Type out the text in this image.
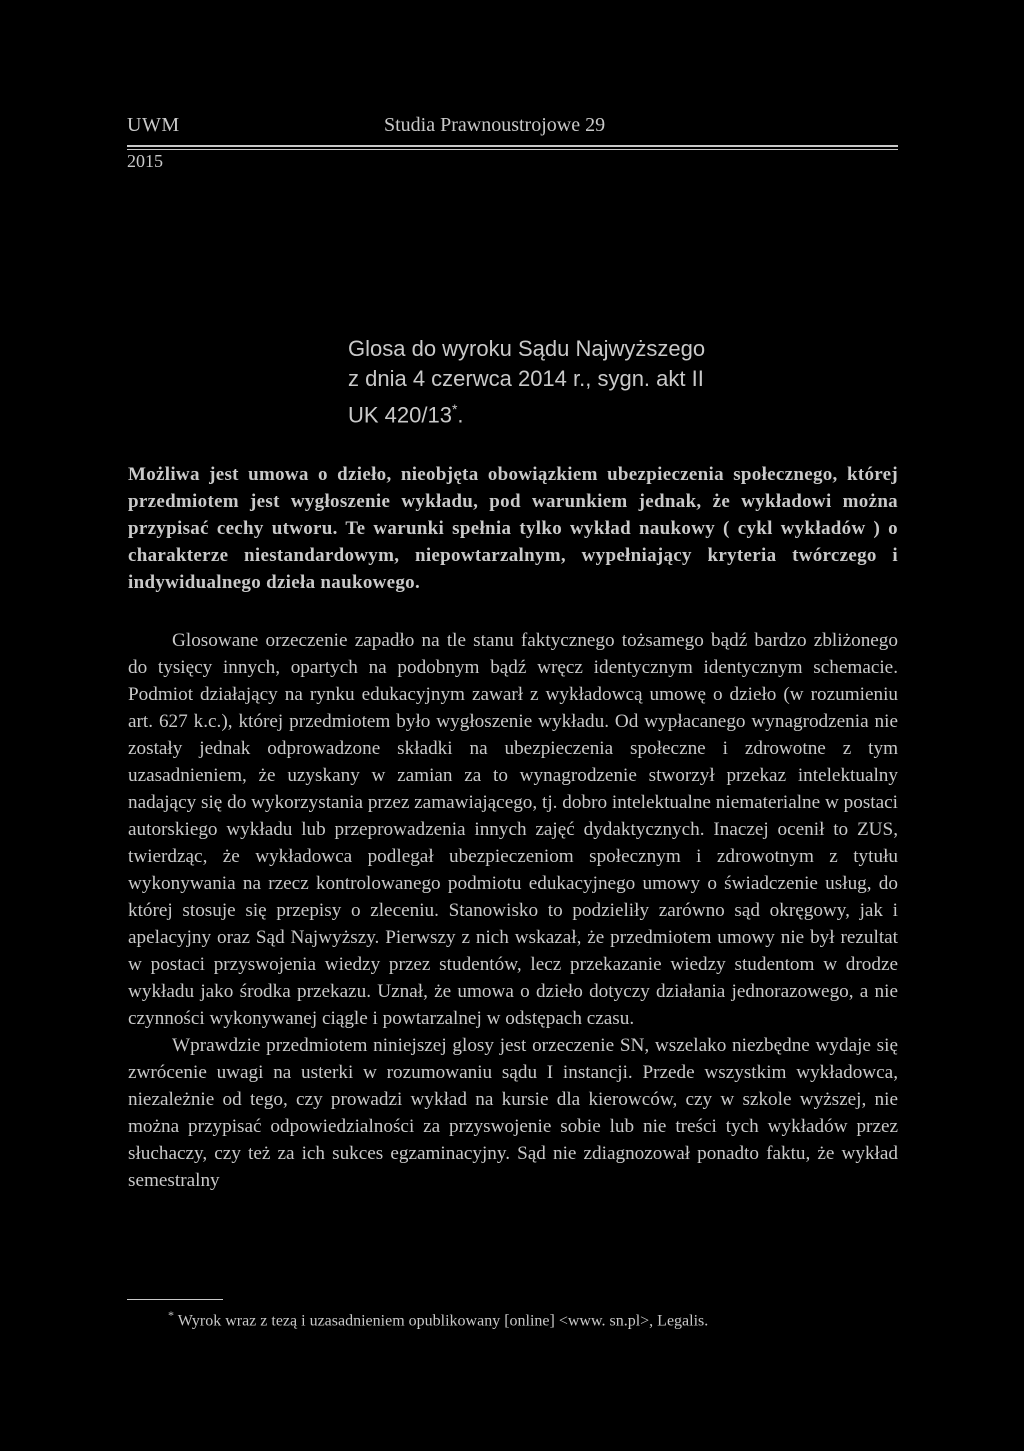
UWM	Studia Prawnoustrojowe 29
2015
Glosa do wyroku Sądu Najwyższego z dnia 4 czerwca 2014 r., sygn. akt II UK 420/13*.
Możliwa jest umowa o dzieło, nieobjęta obowiązkiem ubezpieczenia społecznego, której przedmiotem jest wygłoszenie wykładu, pod warunkiem jednak, że wykładowi można przypisać cechy utworu. Te warunki spełnia tylko wykład naukowy ( cykl wykładów ) o charakterze niestandardowym, niepowtarzalnym, wypełniający kryteria twórczego i indywidualnego dzieła naukowego.

Glosowane orzeczenie zapadło na tle stanu faktycznego tożsamego bądź bardzo zbliżonego do tysięcy innych, opartych na podobnym bądź wręcz identycznym identycznym schemacie. Podmiot działający na rynku edukacyjnym zawarł z wykładowcą umowę o dzieło (w rozumieniu art. 627 k.c.), której przedmiotem było wygłoszenie wykładu. Od wypłacanego wynagrodzenia nie zostały jednak odprowadzone składki na ubezpieczenia społeczne i zdrowotne z tym uzasadnieniem, że uzyskany w zamian za to wynagrodzenie stworzył przekaz intelektualny nadający się do wykorzystania przez zamawiającego, tj. dobro intelektualne niematerialne w postaci autorskiego wykładu lub przeprowadzenia innych zajęć dydaktycznych. Inaczej ocenił to ZUS, twierdząc, że wykładowca podlegał ubezpieczeniom społecznym i zdrowotnym z tytułu wykonywania na rzecz kontrolowanego podmiotu edukacyjnego umowy o świadczenie usług, do której stosuje się przepisy o zleceniu. Stanowisko to podzieliły zarówno sąd okręgowy, jak i apelacyjny oraz Sąd Najwyższy. Pierwszy z nich wskazał, że przedmiotem umowy nie był rezultat w postaci przyswojenia wiedzy przez studentów, lecz przekazanie wiedzy studentom w drodze wykładu jako środka przekazu. Uznał, że umowa o dzieło dotyczy działania jednorazowego, a nie czynności wykonywanej ciągle i powtarzalnej w odstępach czasu.

Wprawdzie przedmiotem niniejszej glosy jest orzeczenie SN, wszelako niezbędne wydaje się zwrócenie uwagi na usterki w rozumowaniu sądu I instancji. Przede wszystkim wykładowca, niezależnie od tego, czy prowadzi wykład na kursie dla kierowców, czy w szkole wyższej, nie można przypisać odpowiedzialności za przyswojenie sobie lub nie treści tych wykładów przez słuchaczy, czy też za ich sukces egzaminacyjny. Sąd nie zdiagnozował ponadto faktu, że wykład semestralny

* Wyrok wraz z tezą i uzasadnieniem opublikowany [online] <www. sn.pl>, Legalis.
